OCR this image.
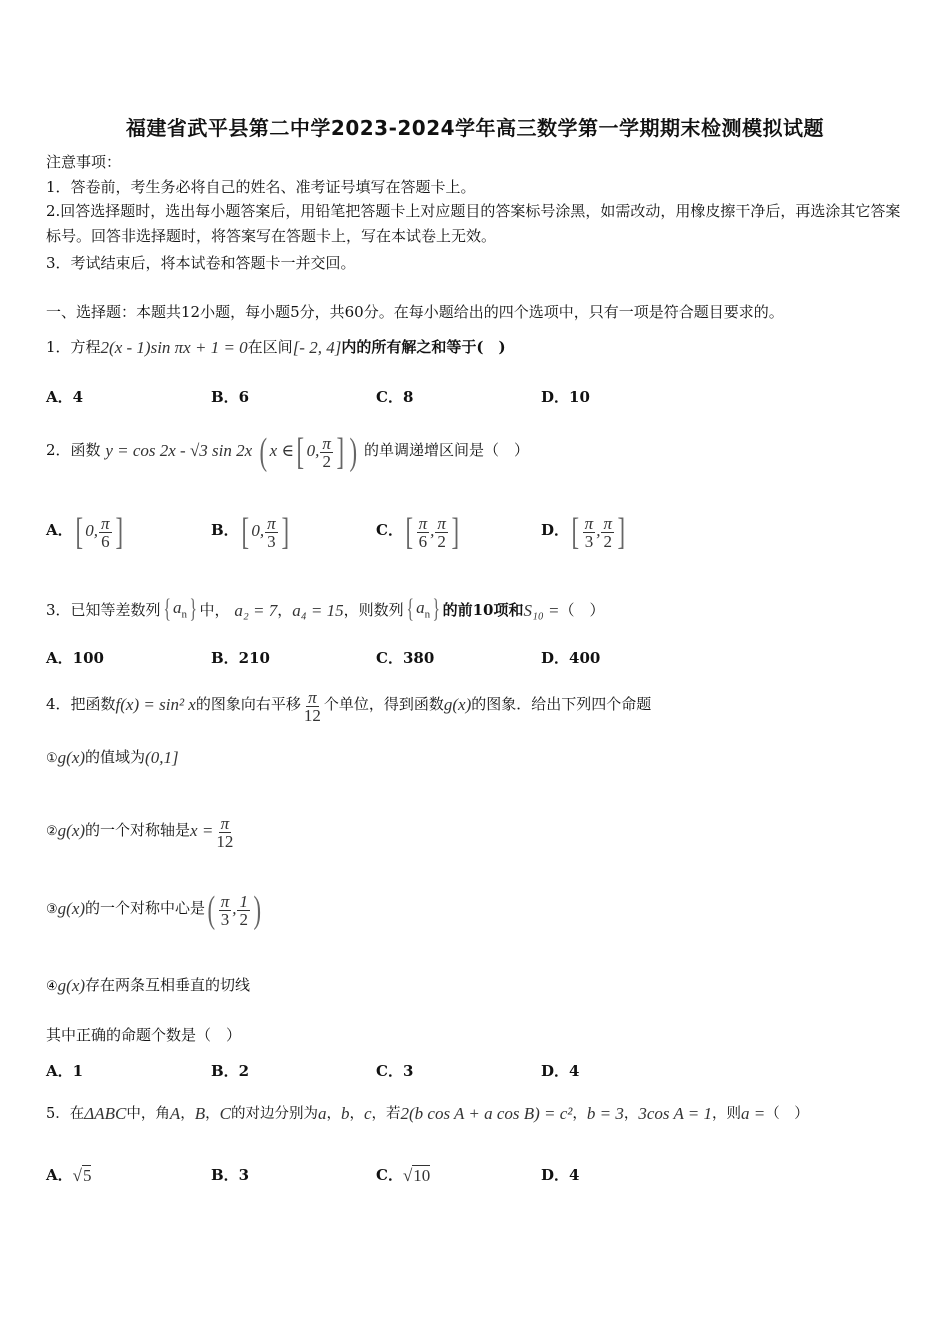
福建省武平县第二中学2023-2024学年高三数学第一学期期末检测模拟试题
注意事项：
1．答卷前，考生务必将自己的姓名、准考证号填写在答题卡上。
2.回答选择题时，选出每小题答案后，用铅笔把答题卡上对应题目的答案标号涂黑，如需改动，用橡皮擦干净后，再选涂其它答案标号。回答非选择题时，将答案写在答题卡上，写在本试卷上无效。
3．考试结束后，将本试卷和答题卡一并交回。
一、选择题：本题共12小题，每小题5分，共60分。在每小题给出的四个选项中，只有一项是符合题目要求的。
1．方程2(x - 1)sin πx + 1 = 0在区间[- 2, 4]内的所有解之和等于(　)
A．4	B．6	C．8	D．10
2．函数 y = cos 2x - √3 sin 2x ( x ∈[ 0, $\frac{\pi}{2}$ ] ) 的单调递增区间是（　）
A．[ 0, $\frac{\pi}{6}$ ]	B．[ 0, $\frac{\pi}{3}$ ]	C．[ $\frac{\pi}{6}$ , $\frac{\pi}{2}$ ]	D．[ $\frac{\pi}{3}$ , $\frac{\pi}{2}$ ]
3．已知等差数列{ $a_n$} 中， a₂ = 7，a₄ = 15，则数列{ $a_n$} 的前10项和S₁₀ =（　）
A．100	B．210	C．380	D．400
4．把函数f(x) = sin² x的图象向右平移 $\frac{\pi}{12}$ 个单位，得到函数g(x)的图象．给出下列四个命题
①g(x)的值域为(0,1]
②g(x)的一个对称轴是$x = \frac{\pi}{12}$
③g(x)的一个对称中心是( $\frac{\pi}{3}$ , $\frac{1}{2}$ )
④g(x)存在两条互相垂直的切线
其中正确的命题个数是（　）
A．1	B．2	C．3	D．4
5．在ΔABC中，角A，B，C的对边分别为a，b，c，若2(b cos A + a cos B) = c²，b = 3，3cos A = 1，则a =（　）
A．√5	B．3	C．√10	D．4
